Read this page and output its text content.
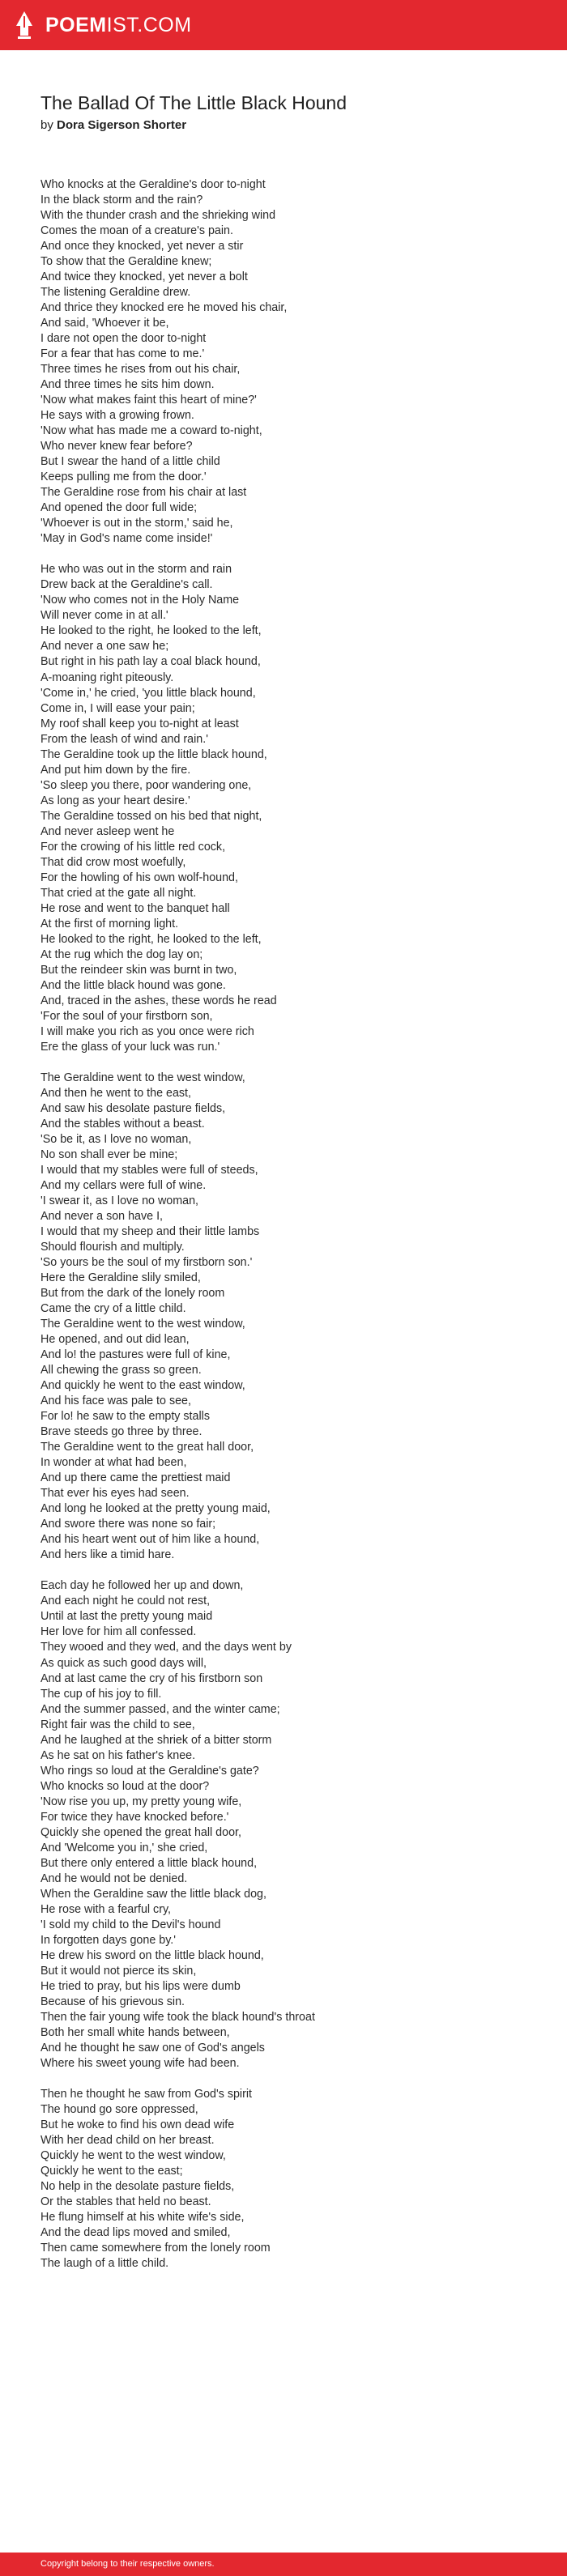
POEMIST.COM
The Ballad Of The Little Black Hound
by Dora Sigerson Shorter
Who knocks at the Geraldine's door to-night
In the black storm and the rain?
With the thunder crash and the shrieking wind
Comes the moan of a creature's pain.
And once they knocked, yet never a stir
To show that the Geraldine knew;
And twice they knocked, yet never a bolt
The listening Geraldine drew.
And thrice they knocked ere he moved his chair,
And said, 'Whoever it be,
I dare not open the door to-night
For a fear that has come to me.'
Three times he rises from out his chair,
And three times he sits him down.
'Now what makes faint this heart of mine?'
He says with a growing frown.
'Now what has made me a coward to-night,
Who never knew fear before?
But I swear the hand of a little child
Keeps pulling me from the door.'
The Geraldine rose from his chair at last
And opened the door full wide;
'Whoever is out in the storm,' said he,
'May in God's name come inside!'
He who was out in the storm and rain
Drew back at the Geraldine's call.
'Now who comes not in the Holy Name
Will never come in at all.'
He looked to the right, he looked to the left,
And never a one saw he;
But right in his path lay a coal black hound,
A-moaning right piteously.
'Come in,' he cried, 'you little black hound,
Come in, I will ease your pain;
My roof shall keep you to-night at least
From the leash of wind and rain.'
The Geraldine took up the little black hound,
And put him down by the fire.
'So sleep you there, poor wandering one,
As long as your heart desire.'
The Geraldine tossed on his bed that night,
And never asleep went he
For the crowing of his little red cock,
That did crow most woefully,
For the howling of his own wolf-hound,
That cried at the gate all night.
He rose and went to the banquet hall
At the first of morning light.
He looked to the right, he looked to the left,
At the rug which the dog lay on;
But the reindeer skin was burnt in two,
And the little black hound was gone.
And, traced in the ashes, these words he read
'For the soul of your firstborn son,
I will make you rich as you once were rich
Ere the glass of your luck was run.'
The Geraldine went to the west window,
And then he went to the east,
And saw his desolate pasture fields,
And the stables without a beast.
'So be it, as I love no woman,
No son shall ever be mine;
I would that my stables were full of steeds,
And my cellars were full of wine.
'I swear it, as I love no woman,
And never a son have I,
I would that my sheep and their little lambs
Should flourish and multiply.
'So yours be the soul of my firstborn son.'
Here the Geraldine slily smiled,
But from the dark of the lonely room
Came the cry of a little child.
The Geraldine went to the west window,
He opened, and out did lean,
And lo! the pastures were full of kine,
All chewing the grass so green.
And quickly he went to the east window,
And his face was pale to see,
For lo! he saw to the empty stalls
Brave steeds go three by three.
The Geraldine went to the great hall door,
In wonder at what had been,
And up there came the prettiest maid
That ever his eyes had seen.
And long he looked at the pretty young maid,
And swore there was none so fair;
And his heart went out of him like a hound,
And hers like a timid hare.
Each day he followed her up and down,
And each night he could not rest,
Until at last the pretty young maid
Her love for him all confessed.
They wooed and they wed, and the days went by
As quick as such good days will,
And at last came the cry of his firstborn son
The cup of his joy to fill.
And the summer passed, and the winter came;
Right fair was the child to see,
And he laughed at the shriek of a bitter storm
As he sat on his father's knee.
Who rings so loud at the Geraldine's gate?
Who knocks so loud at the door?
'Now rise you up, my pretty young wife,
For twice they have knocked before.'
Quickly she opened the great hall door,
And 'Welcome you in,' she cried,
But there only entered a little black hound,
And he would not be denied.
When the Geraldine saw the little black dog,
He rose with a fearful cry,
'I sold my child to the Devil's hound
In forgotten days gone by.'
He drew his sword on the little black hound,
But it would not pierce its skin,
He tried to pray, but his lips were dumb
Because of his grievous sin.
Then the fair young wife took the black hound's throat
Both her small white hands between,
And he thought he saw one of God's angels
Where his sweet young wife had been.
Then he thought he saw from God's spirit
The hound go sore oppressed,
But he woke to find his own dead wife
With her dead child on her breast.
Quickly he went to the west window,
Quickly he went to the east;
No help in the desolate pasture fields,
Or the stables that held no beast.
He flung himself at his white wife's side,
And the dead lips moved and smiled,
Then came somewhere from the lonely room
The laugh of a little child.
Copyright belong to their respective owners.
